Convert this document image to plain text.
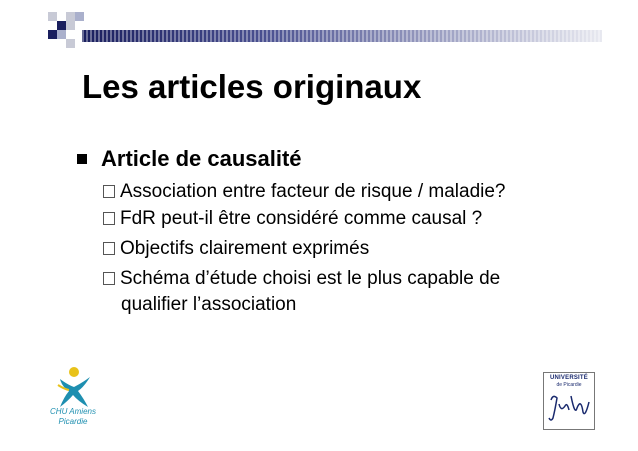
Les articles originaux
Article de causalité
Association entre facteur de risque / maladie?
FdR peut-il être considéré comme causal ?
Objectifs clairement exprimés
Schéma d’étude choisi est le plus capable de
qualifier l’association
CHU Amiens
Picardie
UNIVERSITÉ
de Picardie
